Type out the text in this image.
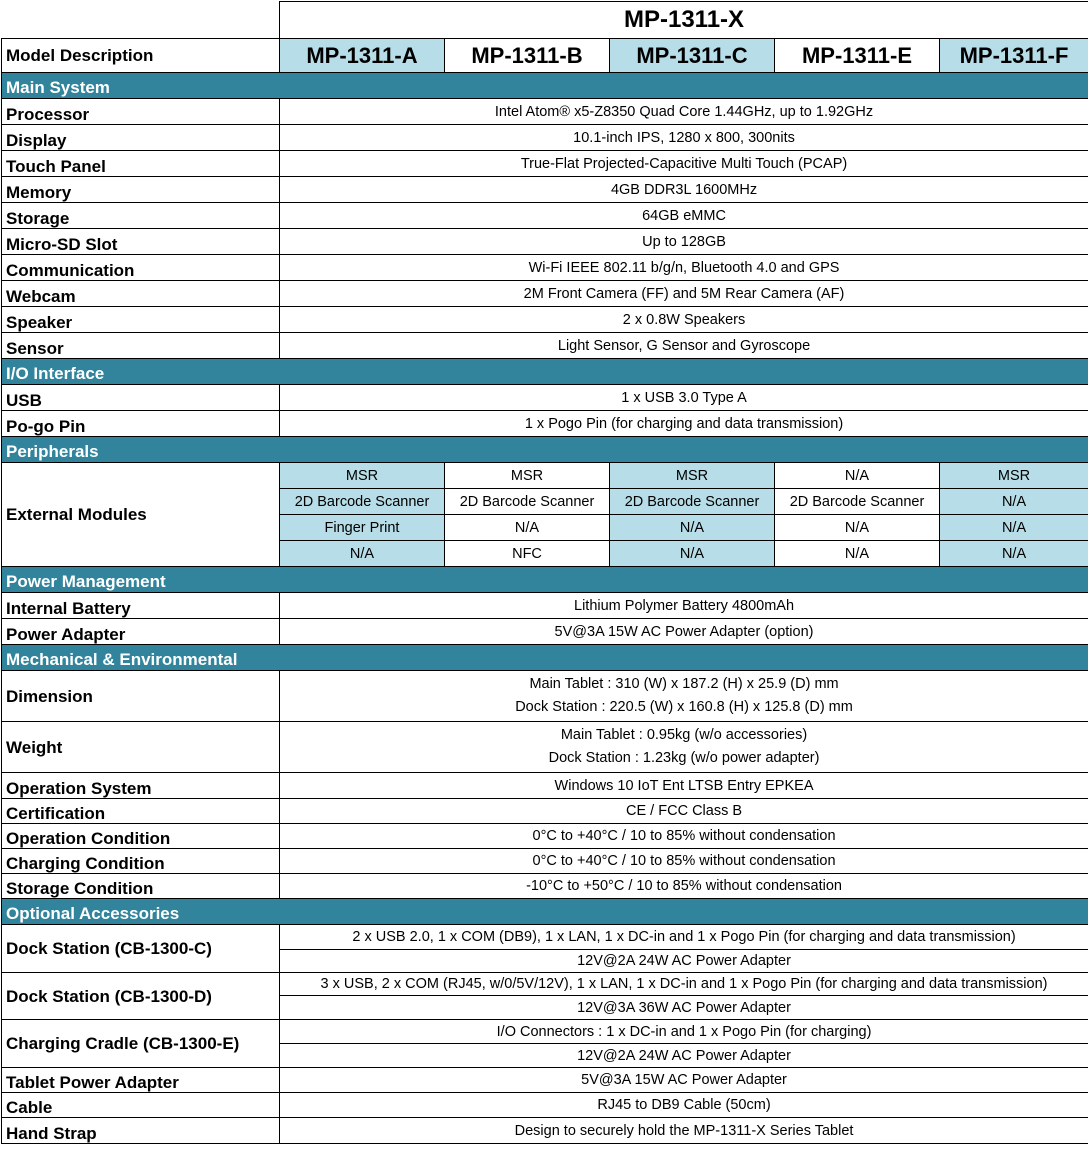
	MP-1311-X				
Model Description	MP-1311-A	MP-1311-B	MP-1311-C	MP-1311-E	MP-1311-F
Main System					
Processor	Intel Atom® x5-Z8350 Quad Core 1.44GHz, up to 1.92GHz				
Display	10.1-inch IPS, 1280 x 800, 300nits				
Touch Panel	True-Flat Projected-Capacitive Multi Touch (PCAP)				
Memory	4GB DDR3L 1600MHz				
Storage	64GB eMMC				
Micro-SD Slot	Up to 128GB				
Communication	Wi-Fi IEEE 802.11 b/g/n, Bluetooth 4.0 and GPS				
Webcam	2M Front Camera (FF) and 5M Rear Camera (AF)				
Speaker	2 x 0.8W Speakers				
Sensor	Light Sensor, G Sensor and Gyroscope				
I/O Interface					
USB	1 x USB 3.0 Type A				
Po-go Pin	1 x Pogo Pin (for charging and data transmission)				
Peripherals					
External Modules	MSR	MSR	MSR	N/A	MSR
	2D Barcode Scanner	2D Barcode Scanner	2D Barcode Scanner	2D Barcode Scanner	N/A
	Finger Print	N/A	N/A	N/A	N/A
	N/A	NFC	N/A	N/A	N/A
Power Management					
Internal Battery	Lithium Polymer Battery 4800mAh				
Power Adapter	5V@3A 15W AC Power Adapter (option)				
Mechanical & Environmental					
Dimension	Main Tablet : 310 (W) x 187.2 (H) x 25.9 (D) mm
Dock Station : 220.5 (W) x 160.8 (H) x 125.8 (D) mm				

Weight	Main Tablet : 0.95kg (w/o accessories)
Dock Station : 1.23kg (w/o power adapter)				

Operation System	Windows 10 IoT Ent LTSB Entry EPKEA				
Certification	CE / FCC Class B				
Operation Condition	0°C to +40°C / 10 to 85% without condensation				
Charging Condition	0°C to +40°C / 10 to 85% without condensation				
Storage Condition	-10°C to +50°C / 10 to 85% without condensation				
Optional Accessories					
Dock Station (CB-1300-C)	2 x USB 2.0, 1 x COM (DB9), 1 x LAN, 1 x DC-in and 1 x Pogo Pin (for charging and data transmission)				
	12V@2A 24W AC Power Adapter				
Dock Station (CB-1300-D)	3 x USB, 2 x COM (RJ45, w/0/5V/12V), 1 x LAN, 1 x DC-in and 1 x Pogo Pin (for charging and data transmission)				
	12V@3A 36W AC Power Adapter				
Charging Cradle (CB-1300-E)	I/O Connectors : 1 x DC-in and 1 x Pogo Pin (for charging)				
	12V@2A 24W AC Power Adapter				
Tablet Power Adapter	5V@3A 15W AC Power Adapter				
Cable	RJ45 to DB9 Cable (50cm)				
Hand Strap	Design to securely hold the MP-1311-X Series Tablet				
